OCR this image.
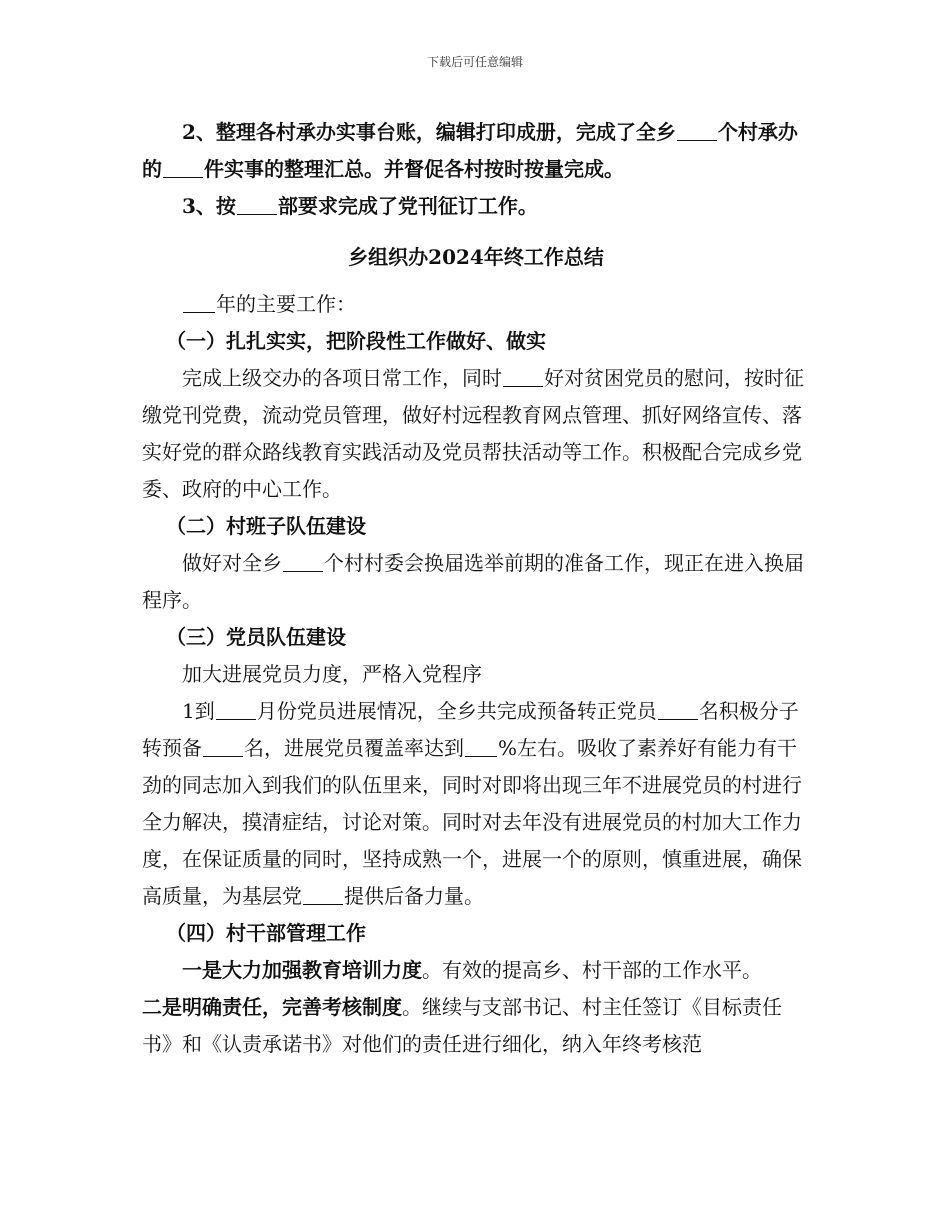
下载后可任意编辑

2、整理各村承办实事台账，编辑打印成册，完成了全乡 个村承办的 件实事的整理汇总。并督促各村按时按量完成。

3、按 部要求完成了党刊征订工作。

乡组织办2024年终工作总结

年的主要工作：

（一）扎扎实实，把阶段性工作做好、做实

完成上级交办的各项日常工作，同时 好对贫困党员的慰问，按时征缴党刊党费，流动党员管理，做好村远程教育网点管理、抓好网络宣传、落实好党的群众路线教育实践活动及党员帮扶活动等工作。积极配合完成乡党委、政府的中心工作。

（二）村班子队伍建设

做好对全乡 个村村委会换届选举前期的准备工作，现正在进入换届程序。

（三）党员队伍建设

加大进展党员力度，严格入党程序

1到 月份党员进展情况，全乡共完成预备转正党员 名积极分子转预备 名，进展党员覆盖率达到 %左右。吸收了素养好有能力有干劲的同志加入到我们的队伍里来，同时对即将出现三年不进展党员的村进行全力解决，摸清症结，讨论对策。同时对去年没有进展党员的村加大工作力度，在保证质量的同时，坚持成熟一个，进展一个的原则，慎重进展，确保高质量，为基层党 提供后备力量。

（四）村干部管理工作

一是大力加强教育培训力度。有效的提高乡、村干部的工作水平。

二是明确责任，完善考核制度。继续与支部书记、村主任签订《目标责任书》和《认责承诺书》对他们的责任进行细化，纳入年终考核范
